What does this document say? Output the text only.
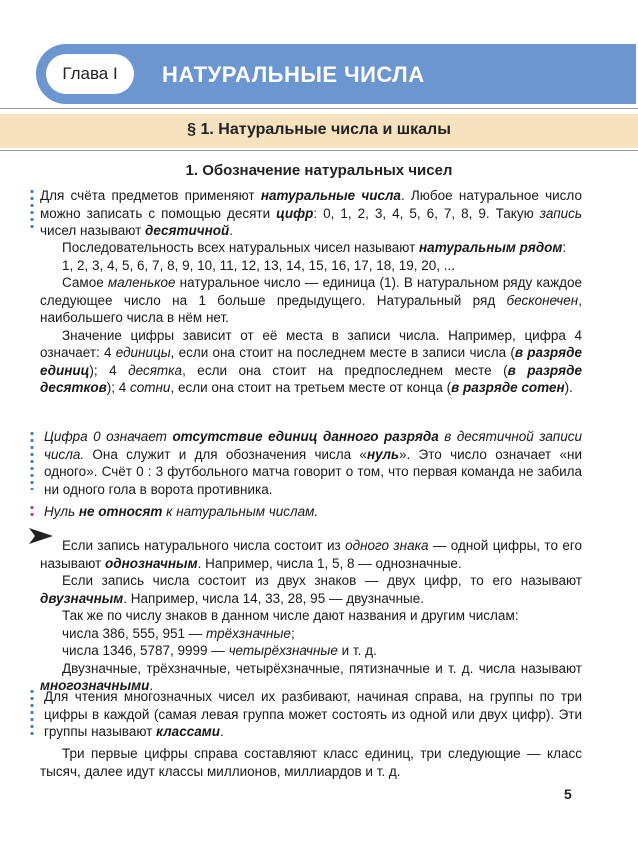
Глава I	НАТУРАЛЬНЫЕ ЧИСЛА
§ 1. Натуральные числа и шкалы
1. Обозначение натуральных чисел

Для счёта предметов применяют натуральные числа. Любое натуральное число можно записать с помощью десяти цифр: 0, 1, 2, 3, 4, 5, 6, 7, 8, 9. Такую запись чисел называют десятичной.

Последовательность всех натуральных чисел называют натуральным рядом:

1, 2, 3, 4, 5, 6, 7, 8, 9, 10, 11, 12, 13, 14, 15, 16, 17, 18, 19, 20, ...

Самое маленькое натуральное число — единица (1). В натуральном ряду каждое следующее число на 1 больше предыдущего. Натуральный ряд бесконечен, наибольшего числа в нём нет.

Значение цифры зависит от её места в записи числа. Например, цифра 4 означает: 4 единицы, если она стоит на последнем месте в записи числа (в разряде единиц); 4 десятка, если она стоит на предпоследнем месте (в разряде десятков); 4 сотни, если она стоит на третьем месте от конца (в разряде сотен).

Цифра 0 означает отсутствие единиц данного разряда в десятичной записи числа. Она служит и для обозначения числа «нуль». Это число означает «ни одного». Счёт 0 : 3 футбольного матча говорит о том, что первая команда не забила ни одного гола в ворота противника.

Нуль не относят к натуральным числам.

Если запись натурального числа состоит из одного знака — одной цифры, то его называют однозначным. Например, числа 1, 5, 8 — однозначные.

Если запись числа состоит из двух знаков — двух цифр, то его называют двузначным. Например, числа 14, 33, 28, 95 — двузначные.

Так же по числу знаков в данном числе дают названия и другим числам:

числа 386, 555, 951 — трёхзначные;

числа 1346, 5787, 9999 — четырёхзначные и т. д.

Двузначные, трёхзначные, четырёхзначные, пятизначные и т. д. числа называют многозначными.

Для чтения многозначных чисел их разбивают, начиная справа, на группы по три цифры в каждой (самая левая группа может состоять из одной или двух цифр). Эти группы называют классами.

Три первые цифры справа составляют класс единиц, три следующие — класс тысяч, далее идут классы миллионов, миллиардов и т. д.

5
